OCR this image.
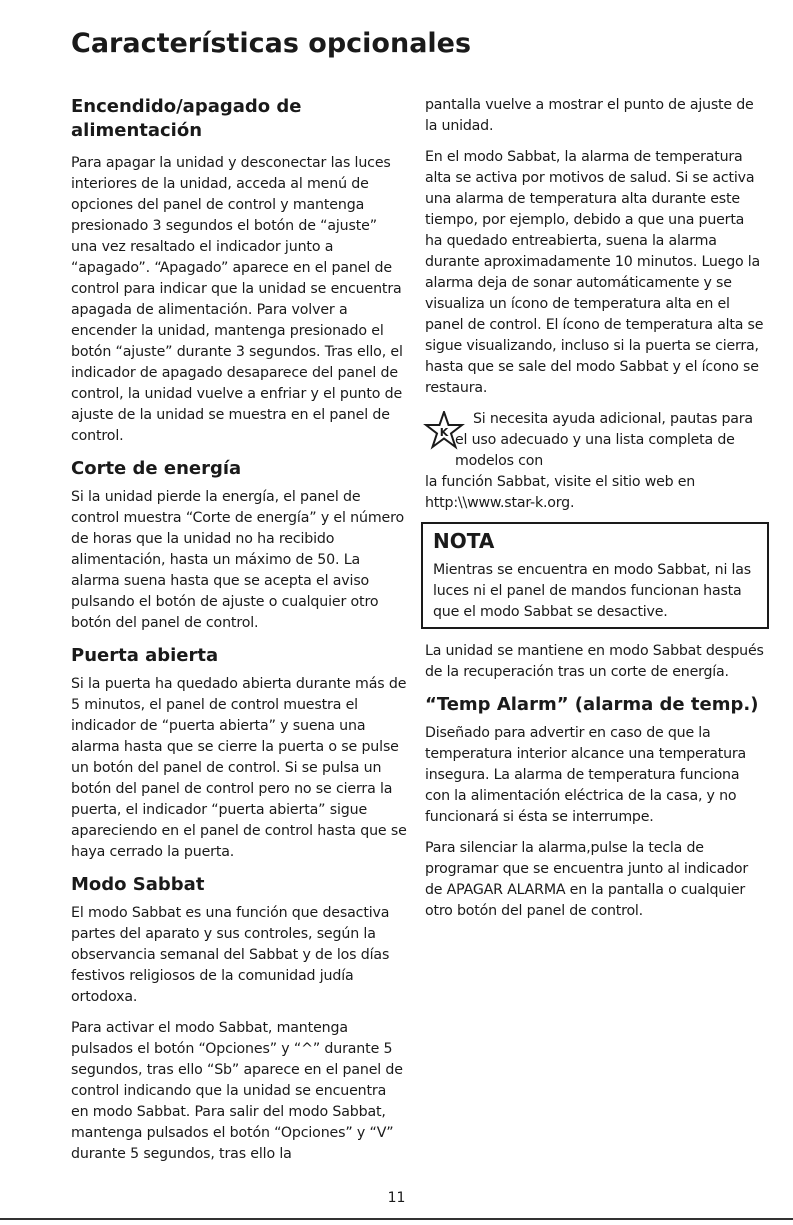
Características opcionales
Encendido/apagado de alimentación

Para apagar la unidad y desconectar las luces interiores de la unidad, acceda al menú de opciones del panel de control y mantenga presionado 3 segundos el botón de “ajuste” una vez resaltado el indicador junto a “apagado”. “Apagado” aparece en el panel de control para indicar que la unidad se encuentra apagada de alimentación. Para volver a encender la unidad, mantenga presionado el botón “ajuste” durante 3 segundos. Tras ello, el indicador de apagado desaparece del panel de control, la unidad vuelve a enfriar y el punto de ajuste de la unidad se muestra en el panel de control.

Corte de energía

Si la unidad pierde la energía, el panel de control muestra “Corte de energía” y el número de horas que la unidad no ha recibido alimentación, hasta un máximo de 50. La alarma suena hasta que se acepta el aviso pulsando el botón de ajuste o cualquier otro botón del panel de control.

Puerta abierta

Si la puerta ha quedado abierta durante más de 5 minutos, el panel de control muestra el indicador de “puerta abierta” y suena una alarma hasta que se cierre la puerta o se pulse un botón del panel de control. Si se pulsa un botón del panel de control pero no se cierra la puerta, el indicador “puerta abierta” sigue apareciendo en el panel de control hasta que se haya cerrado la puerta.

Modo Sabbat

El modo Sabbat es una función que desactiva partes del aparato y sus controles, según la observancia semanal del Sabbat y de los días festivos religiosos de la comunidad judía ortodoxa.

Para activar el modo Sabbat, mantenga pulsados el botón “Opciones” y “^” durante 5 segundos, tras ello “Sb” aparece en el panel de control indicando que la unidad se encuentra en modo Sabbat. Para salir del modo Sabbat, mantenga pulsados el botón “Opciones” y “V” durante 5 segundos, tras ello la

pantalla vuelve a mostrar el punto de ajuste de la unidad.

En el modo Sabbat, la alarma de temperatura alta se activa por motivos de salud. Si se activa una alarma de temperatura alta durante este tiempo, por ejemplo, debido a que una puerta ha quedado entreabierta, suena la alarma durante aproximadamente 10 minutos. Luego la alarma deja de sonar automáticamente y se visualiza un ícono de temperatura alta en el panel de control. El ícono de temperatura alta se sigue visualizando, incluso si la puerta se cierra, hasta que se sale del modo Sabbat y el ícono se restaura.

K

Si necesita ayuda adicional, pautas para el uso adecuado y una lista completa de modelos con

la función Sabbat, visite el sitio web en http:\\www.star-k.org.

NOTA

Mientras se encuentra en modo Sabbat, ni las luces ni el panel de mandos funcionan hasta que el modo Sabbat se desactive.

La unidad se mantiene en modo Sabbat después de la recuperación tras un corte de energía.

“Temp Alarm” (alarma de temp.)

Diseñado para advertir en caso de que la temperatura interior alcance una temperatura insegura. La alarma de temperatura funciona con la alimentación eléctrica de la casa, y no funcionará si ésta se interrumpe.

Para silenciar la alarma,pulse la tecla de programar que se encuentra junto al indicador de APAGAR ALARMA en la pantalla o cualquier otro botón del panel de control.

11
